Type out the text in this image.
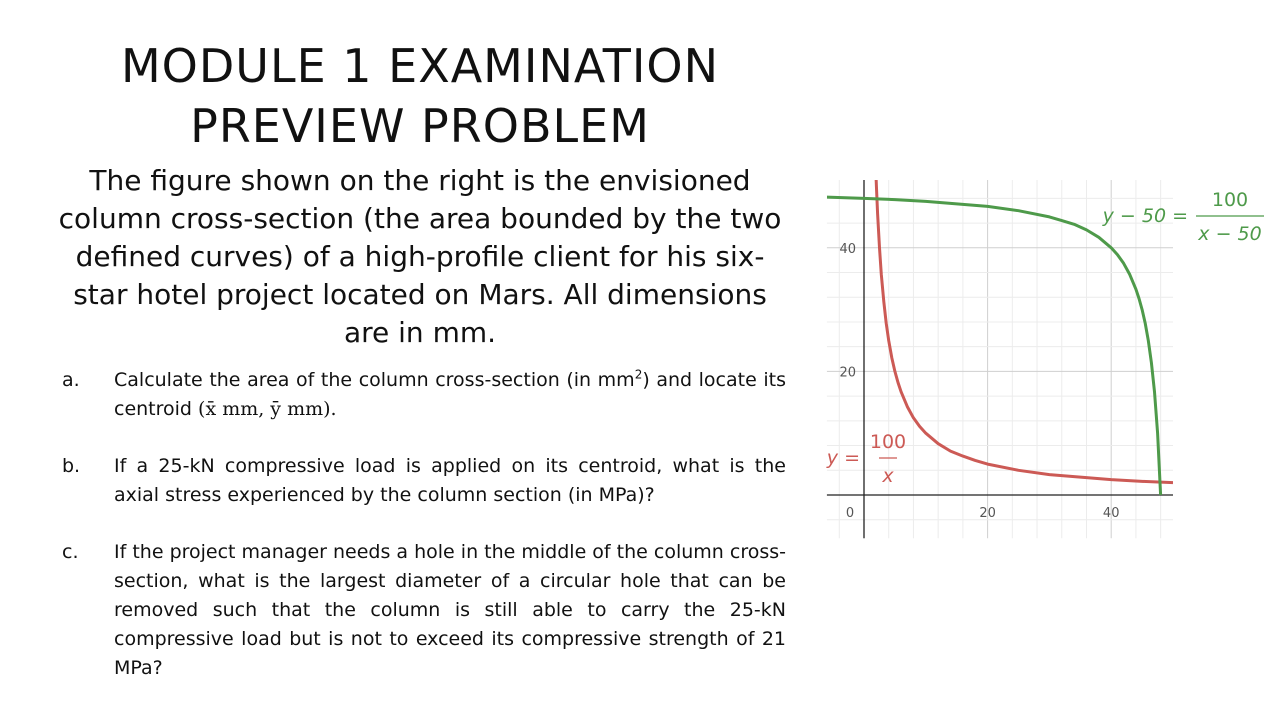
MODULE 1 EXAMINATION
PREVIEW PROBLEM
The figure shown on the right is the envisioned column cross-section (the area bounded by the two defined curves) of a high-profile client for his six-star hotel project located on Mars. All dimensions are in mm.
a.	Calculate the area of the column cross-section (in $mm^2$) and locate its centroid (x̄ mm, ȳ mm).
b.	If a 25-kN compressive load is applied on its centroid, what is the axial stress experienced by the column section (in MPa)?
c.	If the project manager needs a hole in the middle of the column cross-section, what is the largest diameter of a circular hole that can be removed such that the column is still able to carry the 25-kN compressive load but is not to exceed its compressive strength of 21 MPa?
0	20	40
20
40
y =
100
x
y − 50 =
100
x − 50
